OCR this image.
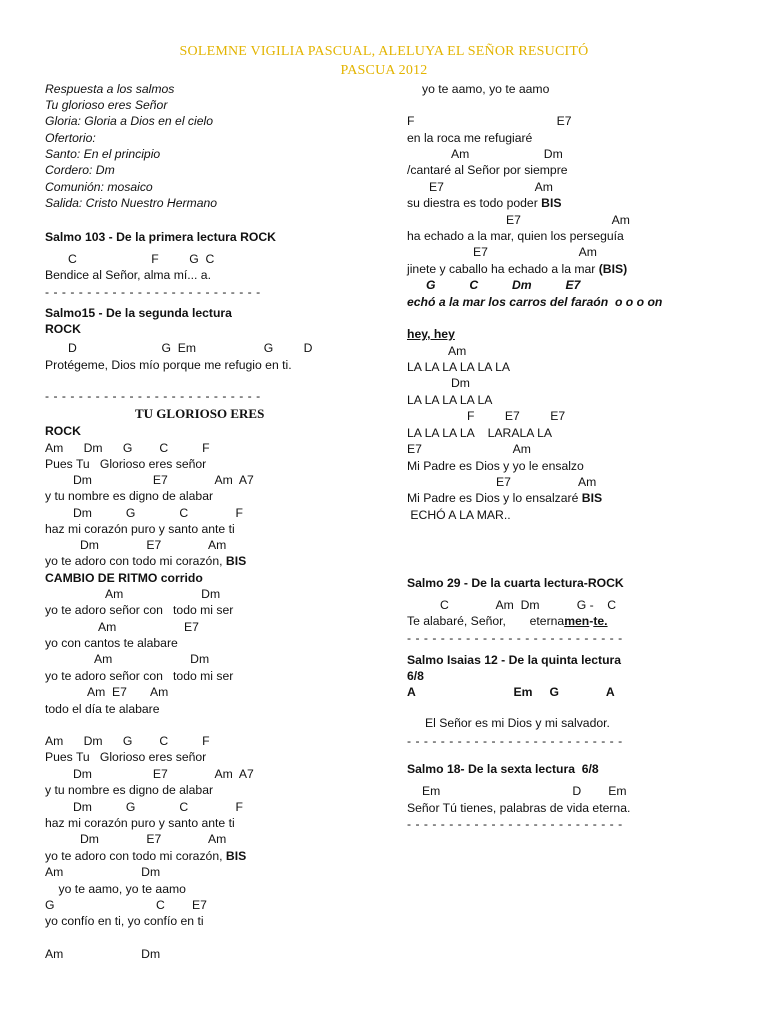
SOLEMNE VIGILIA PASCUAL, ALELUYA EL SEÑOR RESUCITÓ
PASCUA 2012
Respuesta a los salmos
Tu glorioso eres Señor
Gloria: Gloria a Dios en el cielo
Ofertorio:
Santo: En el principio
Cordero: Dm
Comunión: mosaico
Salida: Cristo Nuestro Hermano
Salmo 103 - De la primera lectura ROCK
C                      F         G  C
Bendice al Señor, alma mí... a.
- - - - - - - - - - - - - - - - - - - - - - - - - -
Salmo15 - De la segunda lectura
ROCK
D                         G  Em                    G         D
Protégeme, Dios mío porque me refugio en ti.
- - - - - - - - - - - - - - - - - - - - - - - - - -
TU GLORIOSO ERES
ROCK
Am      Dm      G        C          F
Pues Tu   Glorioso eres señor
Dm                  E7              Am  A7
y tu nombre es digno de alabar
Dm          G             C              F
haz mi corazón puro y santo ante ti
Dm              E7              Am
yo te adoro con todo mi corazón, BIS
CAMBIO DE RITMO corrido
Am                       Dm
yo te adoro señor con   todo mi ser
Am                    E7
yo con cantos te alabare
Am                       Dm
yo te adoro señor con   todo mi ser
Am  E7       Am
todo el día te alabare
Am      Dm      G        C          F
Pues Tu   Glorioso eres señor
Dm                  E7              Am  A7
y tu nombre es digno de alabar
Dm          G             C              F
haz mi corazón puro y santo ante ti
Dm              E7              Am
yo te adoro con todo mi corazón, BIS
Am                       Dm
yo te aamo, yo te aamo
G                              C        E7
yo confío en ti, yo confío en ti
Am                       Dm
yo te aamo, yo te aamo
F                                          E7
en la roca me refugiaré
Am                      Dm
/cantaré al Señor por siempre
E7                           Am
su diestra es todo poder BIS
E7                           Am
ha echado a la mar, quien los perseguía
E7                           Am
jinete y caballo ha echado a la mar (BIS)
G          C          Dm          E7
echó a la mar los carros del faraón  o o o on
hey, hey
Am
LA LA LA LA LA LA
Dm
LA LA LA LA LA
F         E7         E7
LA LA LA LA    LARALA LA
E7                           Am
Mi Padre es Dios y yo le ensalzo
E7                    Am
Mi Padre es Dios y lo ensalzaré BIS
ECHÓ A LA MAR..
Salmo 29 - De la cuarta lectura-ROCK
C              Am  Dm           G -    C
Te alabaré, Señor,       eternamen-te.
- - - - - - - - - - - - - - - - - - - - - - - - - -
Salmo Isaias 12 - De la quinta lectura
6/8
A                             Em     G              A
El Señor es mi Dios y mi salvador.
- - - - - - - - - - - - - - - - - - - - - - - - - -
Salmo 18- De la sexta lectura  6/8
Em                                       D        Em
Señor Tú tienes, palabras de vida eterna.
- - - - - - - - - - - - - - - - - - - - - - - - - -
